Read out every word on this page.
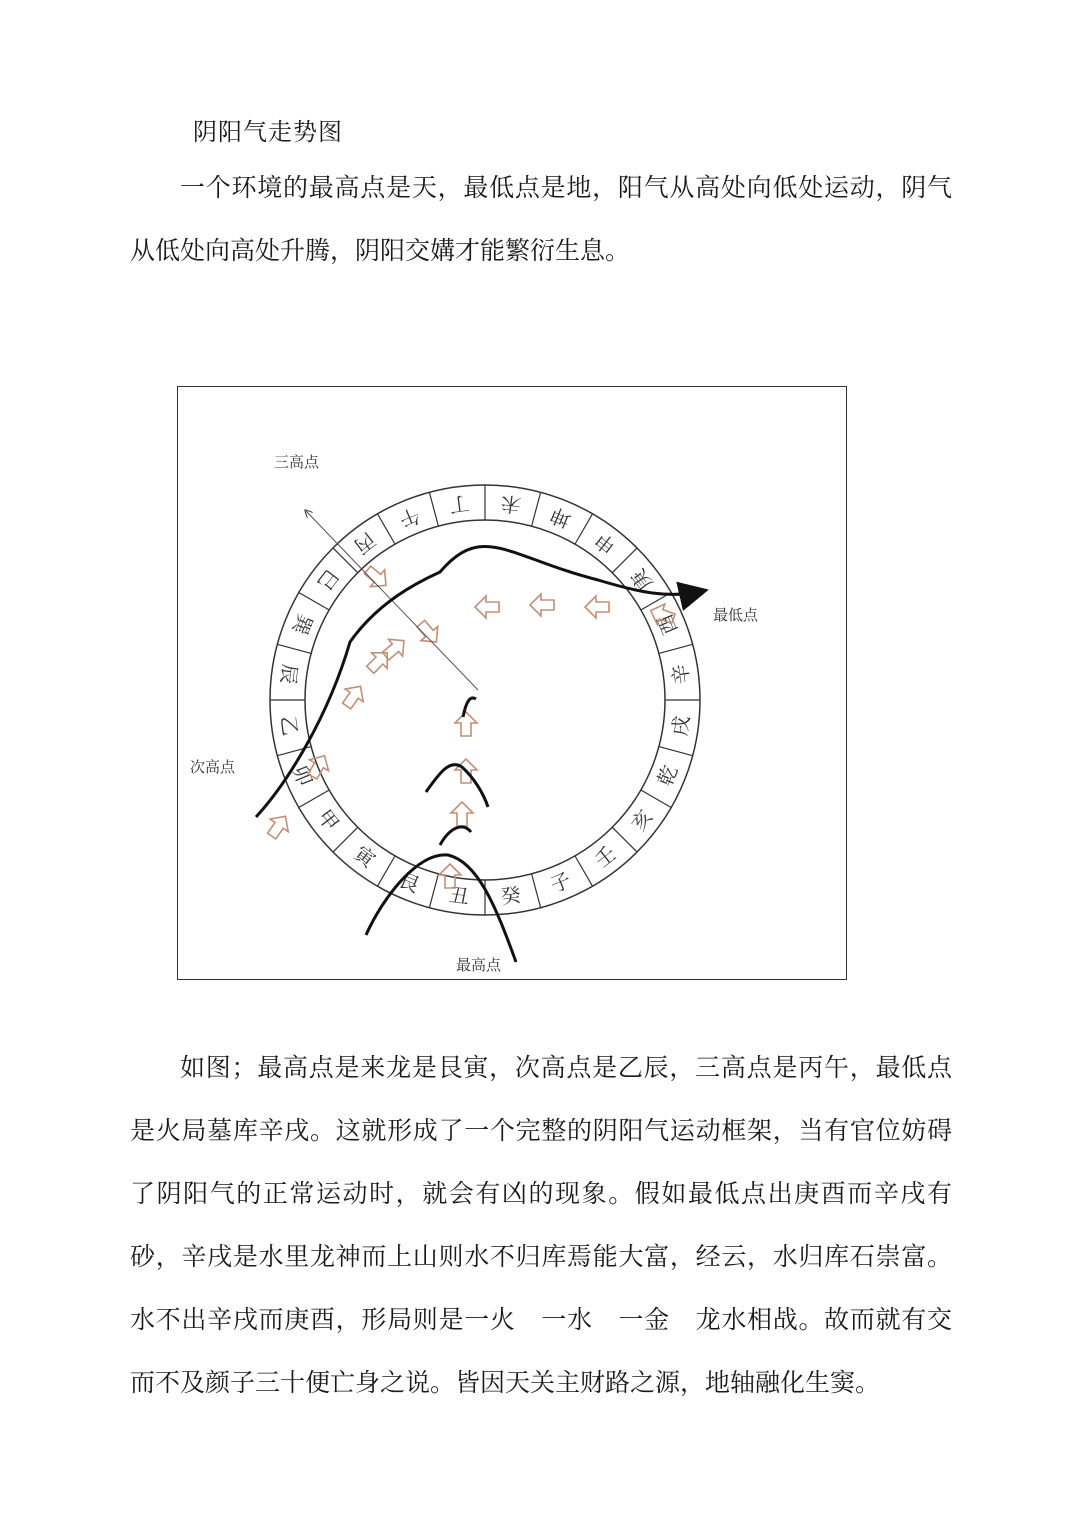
阴阳气走势图
一个环境的最高点是天，最低点是地，阳气从高处向低处运动，阴气从低处向高处升腾，阴阳交媾才能繁衍生息。
丑 癸 子
壬
亥
乾
戌
辛
酉
庚
申
坤
未
丁
午
丙
巳
巽
辰
乙
卯
甲
寅
艮
三高点
次高点
最高点
最低点
如图；最高点是来龙是艮寅，次高点是乙辰，三高点是丙午，最低点是火局墓库辛戌。这就形成了一个完整的阴阳气运动框架，当有官位妨碍了阴阳气的正常运动时，就会有凶的现象。假如最低点出庚酉而辛戌有砂，辛戌是水里龙神而上山则水不归库焉能大富，经云，水归库石崇富。水不出辛戌而庚酉，形局则是一火　一水　一金　龙水相战。故而就有交而不及颜子三十便亡身之说。皆因天关主财路之源，地轴融化生窦。
